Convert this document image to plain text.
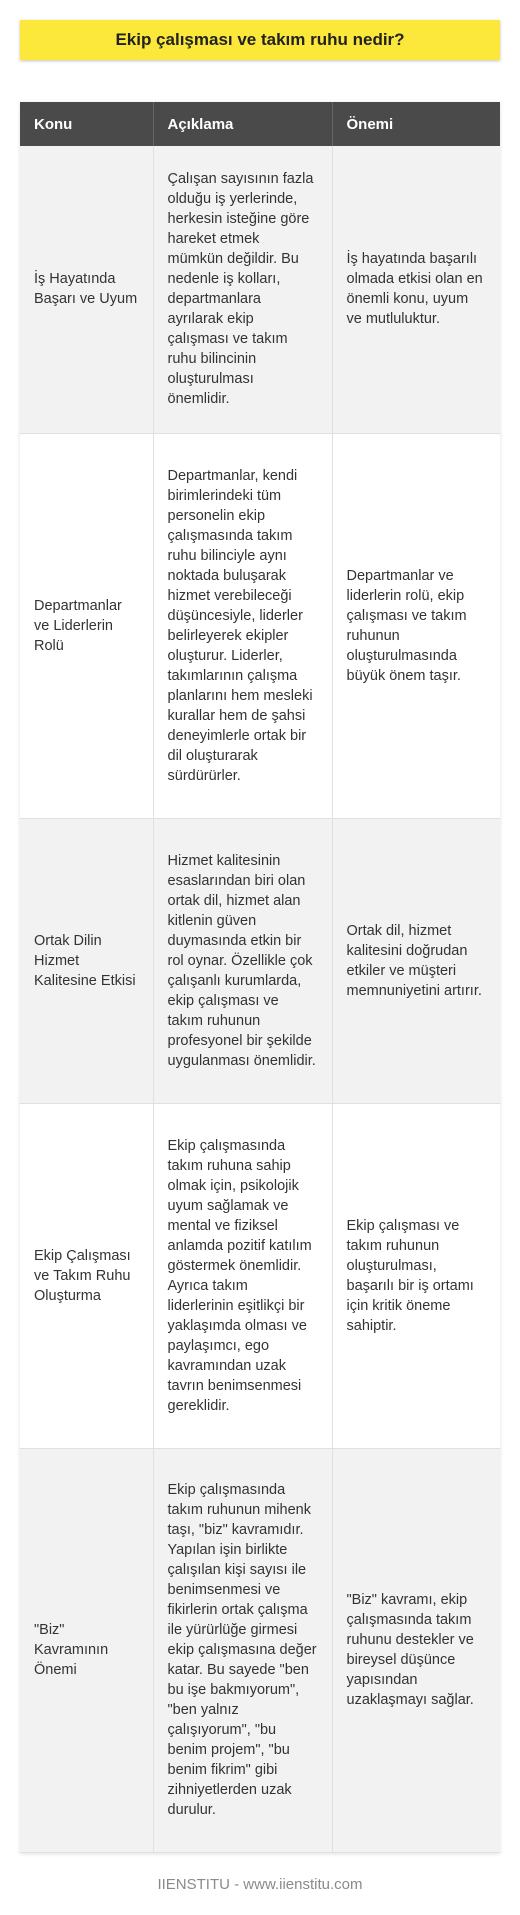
Ekip çalışması ve takım ruhu nedir?
Konu	Açıklama	Önemi
İş Hayatında Başarı ve Uyum	Çalışan sayısının fazla olduğu iş yerlerinde, herkesin isteğine göre hareket etmek mümkün değildir. Bu nedenle iş kolları, departmanlara ayrılarak ekip çalışması ve takım ruhu bilincinin oluşturulması önemlidir.	İş hayatında başarılı olmada etkisi olan en önemli konu, uyum ve mutluluktur.
Departmanlar ve Liderlerin Rolü	Departmanlar, kendi birimlerindeki tüm personelin ekip çalışmasında takım ruhu bilinciyle aynı noktada buluşarak hizmet verebileceği düşüncesiyle, liderler belirleyerek ekipler oluşturur. Liderler, takımlarının çalışma planlarını hem mesleki kurallar hem de şahsi deneyimlerle ortak bir dil oluşturarak sürdürürler.	Departmanlar ve liderlerin rolü, ekip çalışması ve takım ruhunun oluşturulmasında büyük önem taşır.
Ortak Dilin Hizmet Kalitesine Etkisi	Hizmet kalitesinin esaslarından biri olan ortak dil, hizmet alan kitlenin güven duymasında etkin bir rol oynar. Özellikle çok çalışanlı kurumlarda, ekip çalışması ve takım ruhunun profesyonel bir şekilde uygulanması önemlidir.	Ortak dil, hizmet kalitesini doğrudan etkiler ve müşteri memnuniyetini artırır.
Ekip Çalışması ve Takım Ruhu Oluşturma	Ekip çalışmasında takım ruhuna sahip olmak için, psikolojik uyum sağlamak ve mental ve fiziksel anlamda pozitif katılım göstermek önemlidir. Ayrıca takım liderlerinin eşitlikçi bir yaklaşımda olması ve paylaşımcı, ego kavramından uzak tavrın benimsenmesi gereklidir.	Ekip çalışması ve takım ruhunun oluşturulması, başarılı bir iş ortamı için kritik öneme sahiptir.
"Biz" Kavramının Önemi	Ekip çalışmasında takım ruhunun mihenk taşı, "biz" kavramıdır. Yapılan işin birlikte çalışılan kişi sayısı ile benimsenmesi ve fikirlerin ortak çalışma ile yürürlüğe girmesi ekip çalışmasına değer katar. Bu sayede "ben bu işe bakmıyorum", "ben yalnız çalışıyorum", "bu benim projem", "bu benim fikrim" gibi zihniyetlerden uzak durulur.	"Biz" kavramı, ekip çalışmasında takım ruhunu destekler ve bireysel düşünce yapısından uzaklaşmayı sağlar.
IIENSTITU - www.iienstitu.com
